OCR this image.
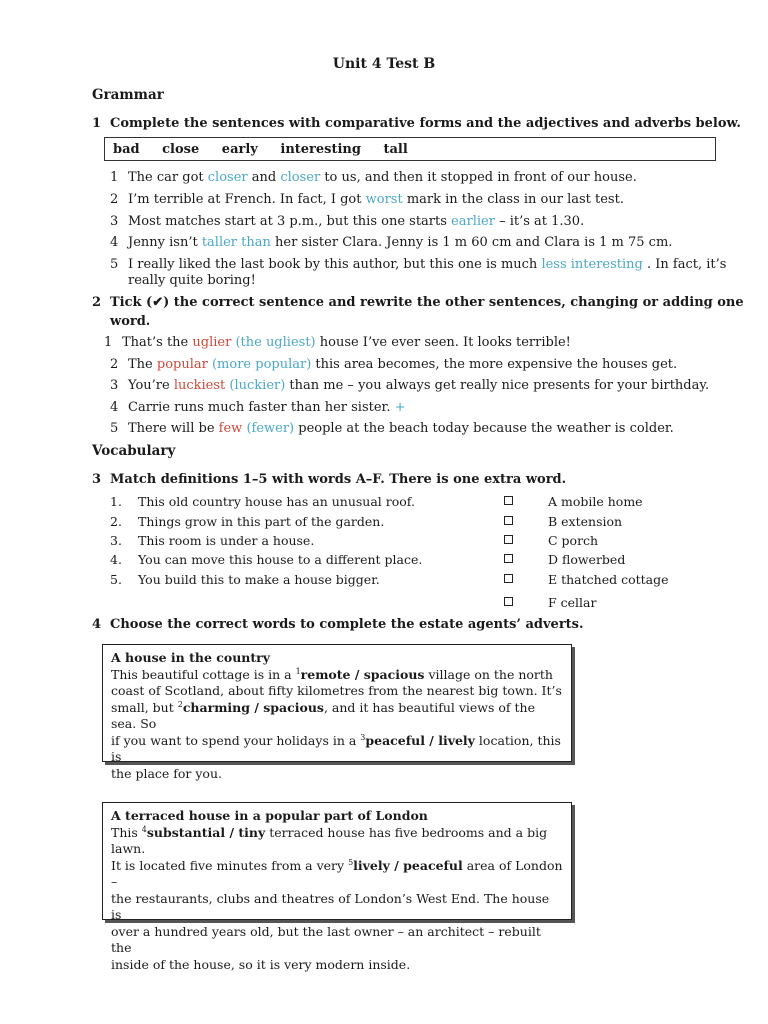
Unit 4 Test B
Grammar
1 Complete the sentences with comparative forms and the adjectives and adverbs below.
bad close early interesting tall
1 The car got closer and closer to us, and then it stopped in front of our house.
2 I’m terrible at French. In fact, I got worst mark in the class in our last test.
3 Most matches start at 3 p.m., but this one starts earlier – it’s at 1.30.
4 Jenny isn’t taller than her sister Clara. Jenny is 1 m 60 cm and Clara is 1 m 75 cm.
5 I really liked the last book by this author, but this one is much less interesting . In fact, it’s
really quite boring!
2 Tick (✔) the correct sentence and rewrite the other sentences, changing or adding one
word.
1 That’s the uglier (the ugliest) house I’ve ever seen. It looks terrible!
2 The popular (more popular) this area becomes, the more expensive the houses get.
3 You’re luckiest (luckier) than me – you always get really nice presents for your birthday.
4 Carrie runs much faster than her sister. +
5 There will be few (fewer) people at the beach today because the weather is colder.
Vocabulary
3 Match definitions 1–5 with words A–F. There is one extra word.
1. This old country house has an unusual roof.
2. Things grow in this part of the garden.
3. This room is under a house.
4. You can move this house to a different place.
5. You build this to make a house bigger.
A mobile home
B extension
C porch
D flowerbed
E thatched cottage
F cellar
4 Choose the correct words to complete the estate agents’ adverts.
A house in the country
This beautiful cottage is in a $^1$remote / spacious village on the north
coast of Scotland, about fifty kilometres from the nearest big town. It’s
small, but $^2$charming / spacious, and it has beautiful views of the sea. So
if you want to spend your holidays in a $^3$peaceful / lively location, this is
the place for you.
A terraced house in a popular part of London
This $^4$substantial / tiny terraced house has five bedrooms and a big lawn.
It is located five minutes from a very $^5$lively / peaceful area of London –
the restaurants, clubs and theatres of London’s West End. The house is
over a hundred years old, but the last owner – an architect – rebuilt the
inside of the house, so it is very modern inside.
